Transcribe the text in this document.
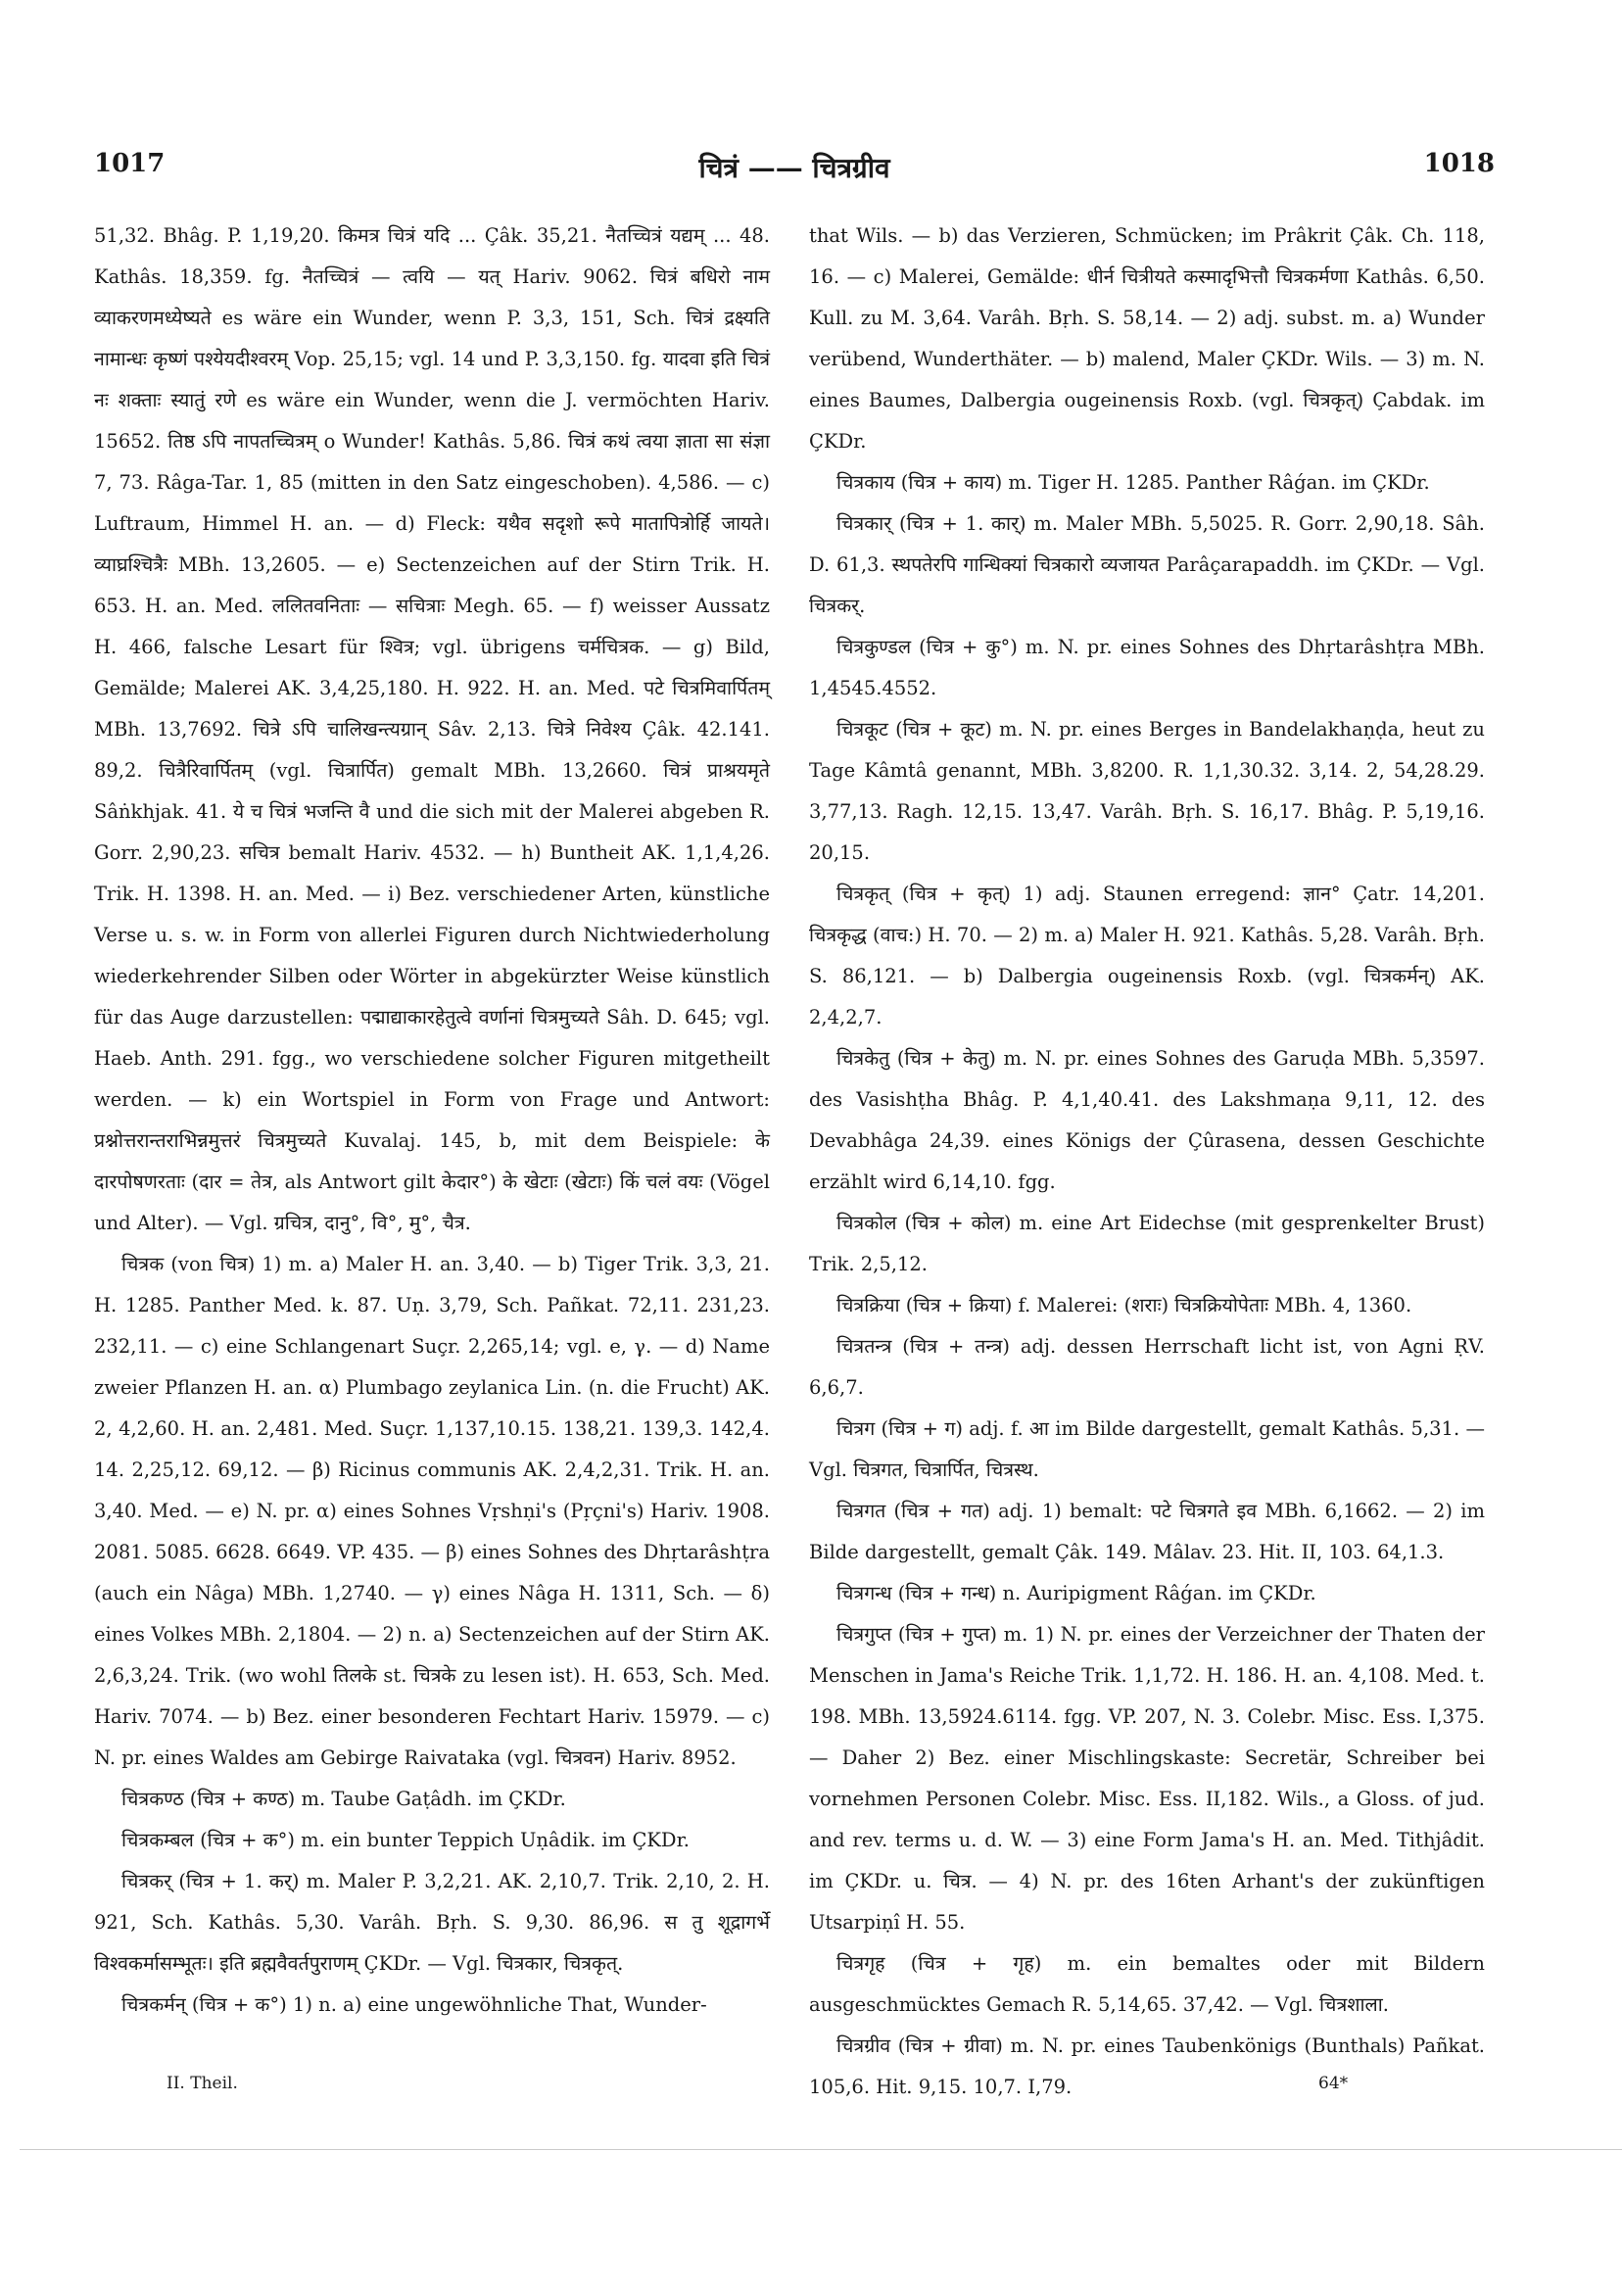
1017	चित्रं —— चित्रग्रीव	1018

51,32. Bhâg. P. 1,19,20. किमत्र चित्रं यदि ... Çâk. 35,21. नैतच्चित्रं यद्यम् ... 48. Kathâs. 18,359. fg. नैतच्चित्रं — त्वयि — यत् Hariv. 9062. चित्रं बधिरो नाम व्याकरणमध्येष्यते es wäre ein Wunder, wenn P. 3,3, 151, Sch. चित्रं द्रक्ष्यति नामान्धः कृष्णं पश्येयदीश्वरम् Vop. 25,15; vgl. 14 und P. 3,3,150. fg. यादवा इति चित्रं नः शक्ताः स्यातुं रणे es wäre ein Wunder, wenn die J. vermöchten Hariv. 15652. तिष्ठ ऽपि नापतच्चित्रम् o Wunder! Kathâs. 5,86. चित्रं कथं त्वया ज्ञाता सा संज्ञा 7, 73. Râga-Tar. 1, 85 (mitten in den Satz eingeschoben). 4,586. — c) Luftraum, Himmel H. an. — d) Fleck: यथैव सदृशो रूपे मातापित्रोर्हि जायते। व्याघ्रश्चित्रैः MBh. 13,2605. — e) Sectenzeichen auf der Stirn Trik. H. 653. H. an. Med. ललितवनिताः — सचित्राः Megh. 65. — f) weisser Aussatz H. 466, falsche Lesart für श्वित्र; vgl. übrigens चर्मचित्रक. — g) Bild, Gemälde; Malerei AK. 3,4,25,180. H. 922. H. an. Med. पटे चित्रमिवार्पितम् MBh. 13,7692. चित्रे ऽपि चालिखन्त्यग्रान् Sâv. 2,13. चित्रे निवेश्य Çâk. 42.141. 89,2. चित्रैरिवार्पितम् (vgl. चित्रार्पित) gemalt MBh. 13,2660. चित्रं प्राश्रयमृते Sâṅkhjak. 41. ये च चित्रं भजन्ति वै und die sich mit der Malerei abgeben R. Gorr. 2,90,23. सचित्र bemalt Hariv. 4532. — h) Buntheit AK. 1,1,4,26. Trik. H. 1398. H. an. Med. — i) Bez. verschiedener Arten, künstliche Verse u. s. w. in Form von allerlei Figuren durch Nichtwiederholung wiederkehrender Silben oder Wörter in abgekürzter Weise künstlich für das Auge darzustellen: पद्माद्याकारहेतुत्वे वर्णानां चित्रमुच्यते Sâh. D. 645; vgl. Haeb. Anth. 291. fgg., wo verschiedene solcher Figuren mitgetheilt werden. — k) ein Wortspiel in Form von Frage und Antwort: प्रश्नोत्तरान्तराभिन्नमुत्तरं चित्रमुच्यते Kuvalaj. 145, b, mit dem Beispiele: के दारपोषणरताः (दार = तेत्र, als Antwort gilt केदार°) के खेटाः (खेटाः) किं चलं वयः (Vögel und Alter). — Vgl. ग्रचित्र, दानु°, वि°, मु°, चैत्र.

चित्रक (von चित्र) 1) m. a) Maler H. an. 3,40. — b) Tiger Trik. 3,3, 21. H. 1285. Panther Med. k. 87. Uṇ. 3,79, Sch. Pañkat. 72,11. 231,23. 232,11. — c) eine Schlangenart Suçr. 2,265,14; vgl. e, γ. — d) Name zweier Pflanzen H. an. α) Plumbago zeylanica Lin. (n. die Frucht) AK. 2, 4,2,60. H. an. 2,481. Med. Suçr. 1,137,10.15. 138,21. 139,3. 142,4. 14. 2,25,12. 69,12. — β) Ricinus communis AK. 2,4,2,31. Trik. H. an. 3,40. Med. — e) N. pr. α) eines Sohnes Vṛshṇi's (Pṛçni's) Hariv. 1908. 2081. 5085. 6628. 6649. VP. 435. — β) eines Sohnes des Dhṛtarâshṭra (auch ein Nâga) MBh. 1,2740. — γ) eines Nâga H. 1311, Sch. — δ) eines Volkes MBh. 2,1804. — 2) n. a) Sectenzeichen auf der Stirn AK. 2,6,3,24. Trik. (wo wohl तिलके st. चित्रके zu lesen ist). H. 653, Sch. Med. Hariv. 7074. — b) Bez. einer besonderen Fechtart Hariv. 15979. — c) N. pr. eines Waldes am Gebirge Raivataka (vgl. चित्रवन) Hariv. 8952.

चित्रकण्ठ (चित्र + कण्ठ) m. Taube Gaṭâdh. im ÇKDr.

चित्रकम्बल (चित्र + क°) m. ein bunter Teppich Uṇâdik. im ÇKDr.

चित्रकर् (चित्र + 1. कर्) m. Maler P. 3,2,21. AK. 2,10,7. Trik. 2,10, 2. H. 921, Sch. Kathâs. 5,30. Varâh. Bṛh. S. 9,30. 86,96. स तु शूद्रागर्भे विश्वकर्मासम्भूतः। इति ब्रह्मवैवर्तपुराणम् ÇKDr. — Vgl. चित्रकार, चित्रकृत्.

चित्रकर्मन् (चित्र + क°) 1) n. a) eine ungewöhnliche That, Wunder-

that Wils. — b) das Verzieren, Schmücken; im Prâkrit Çâk. Ch. 118, 16. — c) Malerei, Gemälde: धीर्न चित्रीयते कस्मादृभित्तौ चित्रकर्मणा Kathâs. 6,50. Kull. zu M. 3,64. Varâh. Bṛh. S. 58,14. — 2) adj. subst. m. a) Wunder verübend, Wunderthäter. — b) malend, Maler ÇKDr. Wils. — 3) m. N. eines Baumes, Dalbergia ougeinensis Roxb. (vgl. चित्रकृत्) Çabdak. im ÇKDr.

चित्रकाय (चित्र + काय) m. Tiger H. 1285. Panther Râǵan. im ÇKDr.

चित्रकार् (चित्र + 1. कार्) m. Maler MBh. 5,5025. R. Gorr. 2,90,18. Sâh. D. 61,3. स्थपतेरपि गान्धिक्यां चित्रकारो व्यजायत Parâçarapaddh. im ÇKDr. — Vgl. चित्रकर्.

चित्रकुण्डल (चित्र + कु°) m. N. pr. eines Sohnes des Dhṛtarâshṭra MBh. 1,4545.4552.

चित्रकूट (चित्र + कूट) m. N. pr. eines Berges in Bandelakhaṇḍa, heut zu Tage Kâmtâ genannt, MBh. 3,8200. R. 1,1,30.32. 3,14. 2, 54,28.29. 3,77,13. Ragh. 12,15. 13,47. Varâh. Bṛh. S. 16,17. Bhâg. P. 5,19,16. 20,15.

चित्रकृत् (चित्र + कृत्) 1) adj. Staunen erregend: ज्ञान° Çatr. 14,201. चित्रकृद्ध (वाच:) H. 70. — 2) m. a) Maler H. 921. Kathâs. 5,28. Varâh. Bṛh. S. 86,121. — b) Dalbergia ougeinensis Roxb. (vgl. चित्रकर्मन्) AK. 2,4,2,7.

चित्रकेतु (चित्र + केतु) m. N. pr. eines Sohnes des Garuḍa MBh. 5,3597. des Vasishṭha Bhâg. P. 4,1,40.41. des Lakshmaṇa 9,11, 12. des Devabhâga 24,39. eines Königs der Çûrasena, dessen Geschichte erzählt wird 6,14,10. fgg.

चित्रकोल (चित्र + कोल) m. eine Art Eidechse (mit gesprenkelter Brust) Trik. 2,5,12.

चित्रक्रिया (चित्र + क्रिया) f. Malerei: (शराः) चित्रक्रियोपेताः MBh. 4, 1360.

चित्रतन्त्र (चित्र + तन्त्र) adj. dessen Herrschaft licht ist, von Agni ṚV. 6,6,7.

चित्रग (चित्र + ग) adj. f. आ im Bilde dargestellt, gemalt Kathâs. 5,31. — Vgl. चित्रगत, चित्रार्पित, चित्रस्थ.

चित्रगत (चित्र + गत) adj. 1) bemalt: पटे चित्रगते इव MBh. 6,1662. — 2) im Bilde dargestellt, gemalt Çâk. 149. Mâlav. 23. Hit. II, 103. 64,1.3.

चित्रगन्ध (चित्र + गन्ध) n. Auripigment Râǵan. im ÇKDr.

चित्रगुप्त (चित्र + गुप्त) m. 1) N. pr. eines der Verzeichner der Thaten der Menschen in Jama's Reiche Trik. 1,1,72. H. 186. H. an. 4,108. Med. t. 198. MBh. 13,5924.6114. fgg. VP. 207, N. 3. Colebr. Misc. Ess. I,375. — Daher 2) Bez. einer Mischlingskaste: Secretär, Schreiber bei vornehmen Personen Colebr. Misc. Ess. II,182. Wils., a Gloss. of jud. and rev. terms u. d. W. — 3) eine Form Jama's H. an. Med. Tithjâdit. im ÇKDr. u. चित्र. — 4) N. pr. des 16ten Arhant's der zukünftigen Utsarpiṇî H. 55.

चित्रगृह (चित्र + गृह) m. ein bemaltes oder mit Bildern ausgeschmücktes Gemach R. 5,14,65. 37,42. — Vgl. चित्रशाला.

चित्रग्रीव (चित्र + ग्रीवा) m. N. pr. eines Taubenkönigs (Bunthals) Pañkat. 105,6. Hit. 9,15. 10,7. I,79.

II. Theil.	64*
